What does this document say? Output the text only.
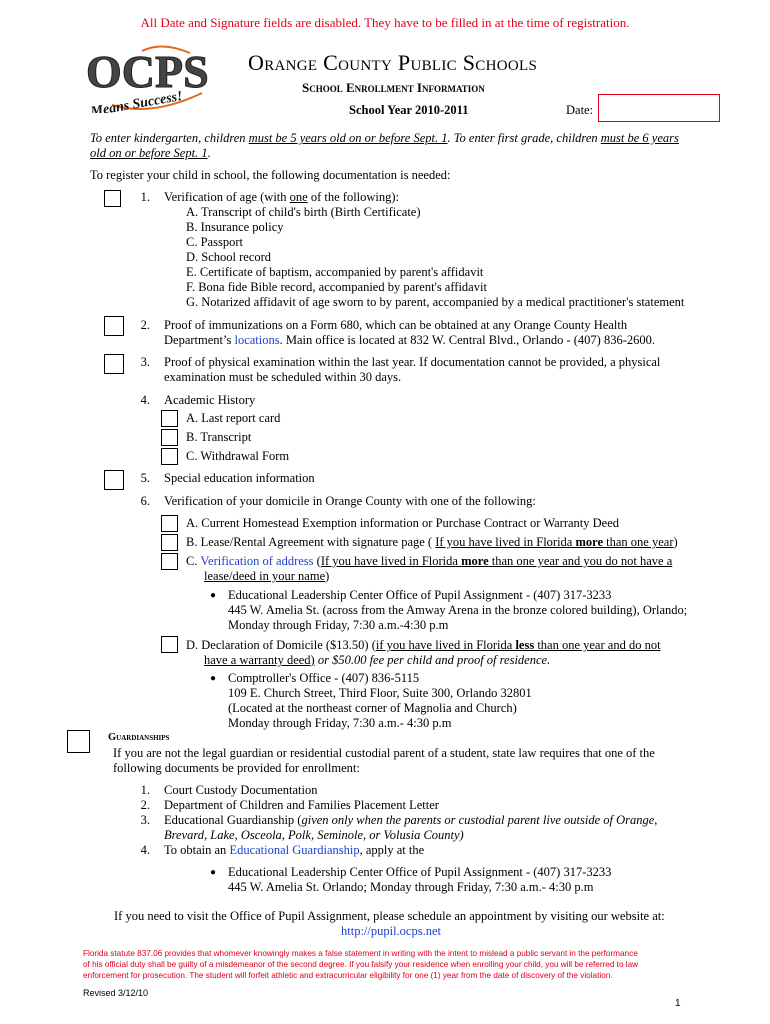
All Date and Signature fields are disabled. They have to be filled in at the time of registration.
OCPS
Means Success!
Orange County Public Schools
School Enrollment Information
School Year 2010-2011	Date:
To enter kindergarten, children must be 5 years old on or before Sept. 1. To enter first grade, children must be 6 years
old on or before Sept. 1.
To register your child in school, the following documentation is needed:
1. Verification of age (with one of the following):
A. Transcript of child's birth (Birth Certificate)
B. Insurance policy
C. Passport
D. School record
E. Certificate of baptism, accompanied by parent's affidavit
F. Bona fide Bible record, accompanied by parent's affidavit
G. Notarized affidavit of age sworn to by parent, accompanied by a medical practitioner's statement
2. Proof of immunizations on a Form 680, which can be obtained at any Orange County Health
Department’s locations. Main office is located at 832 W. Central Blvd., Orlando - (407) 836-2600.
3. Proof of physical examination within the last year. If documentation cannot be provided, a physical
examination must be scheduled within 30 days.
4. Academic History
A. Last report card
B. Transcript
C. Withdrawal Form
5. Special education information
6. Verification of your domicile in Orange County with one of the following:
A. Current Homestead Exemption information or Purchase Contract or Warranty Deed
B. Lease/Rental Agreement with signature page ( If you have lived in Florida more than one year)
C. Verification of address (If you have lived in Florida more than one year and you do not have a
lease/deed in your name)
● Educational Leadership Center Office of Pupil Assignment - (407) 317-3233
445 W. Amelia St. (across from the Amway Arena in the bronze colored building), Orlando;
Monday through Friday, 7:30 a.m.-4:30 p.m
D. Declaration of Domicile ($13.50) (if you have lived in Florida less than one year and do not
have a warranty deed) or $50.00 fee per child and proof of residence.
● Comptroller's Office - (407) 836-5115
109 E. Church Street, Third Floor, Suite 300, Orlando 32801
(Located at the northeast corner of Magnolia and Church)
Monday through Friday, 7:30 a.m.- 4:30 p.m
Guardianships
If you are not the legal guardian or residential custodial parent of a student, state law requires that one of the
following documents be provided for enrollment:
1. Court Custody Documentation
2. Department of Children and Families Placement Letter
3. Educational Guardianship (given only when the parents or custodial parent live outside of Orange,
Brevard, Lake, Osceola, Polk, Seminole, or Volusia County)
4. To obtain an Educational Guardianship, apply at the
● Educational Leadership Center Office of Pupil Assignment - (407) 317-3233
445 W. Amelia St. Orlando; Monday through Friday, 7:30 a.m.- 4:30 p.m
If you need to visit the Office of Pupil Assignment, please schedule an appointment by visiting our website at:
http://pupil.ocps.net
Florida statute 837.06 provides that whomever knowingly makes a false statement in writing with the intent to mislead a public servant in the performance
of his official duty shall be guilty of a misdemeanor of the second degree. If you falsify your residence when enrolling your child, you will be referred to law
enforcement for prosecution. The student will forfeit athletic and extracurricular eligibility for one (1) year from the date of discovery of the violation.
Revised 3/12/10
1
